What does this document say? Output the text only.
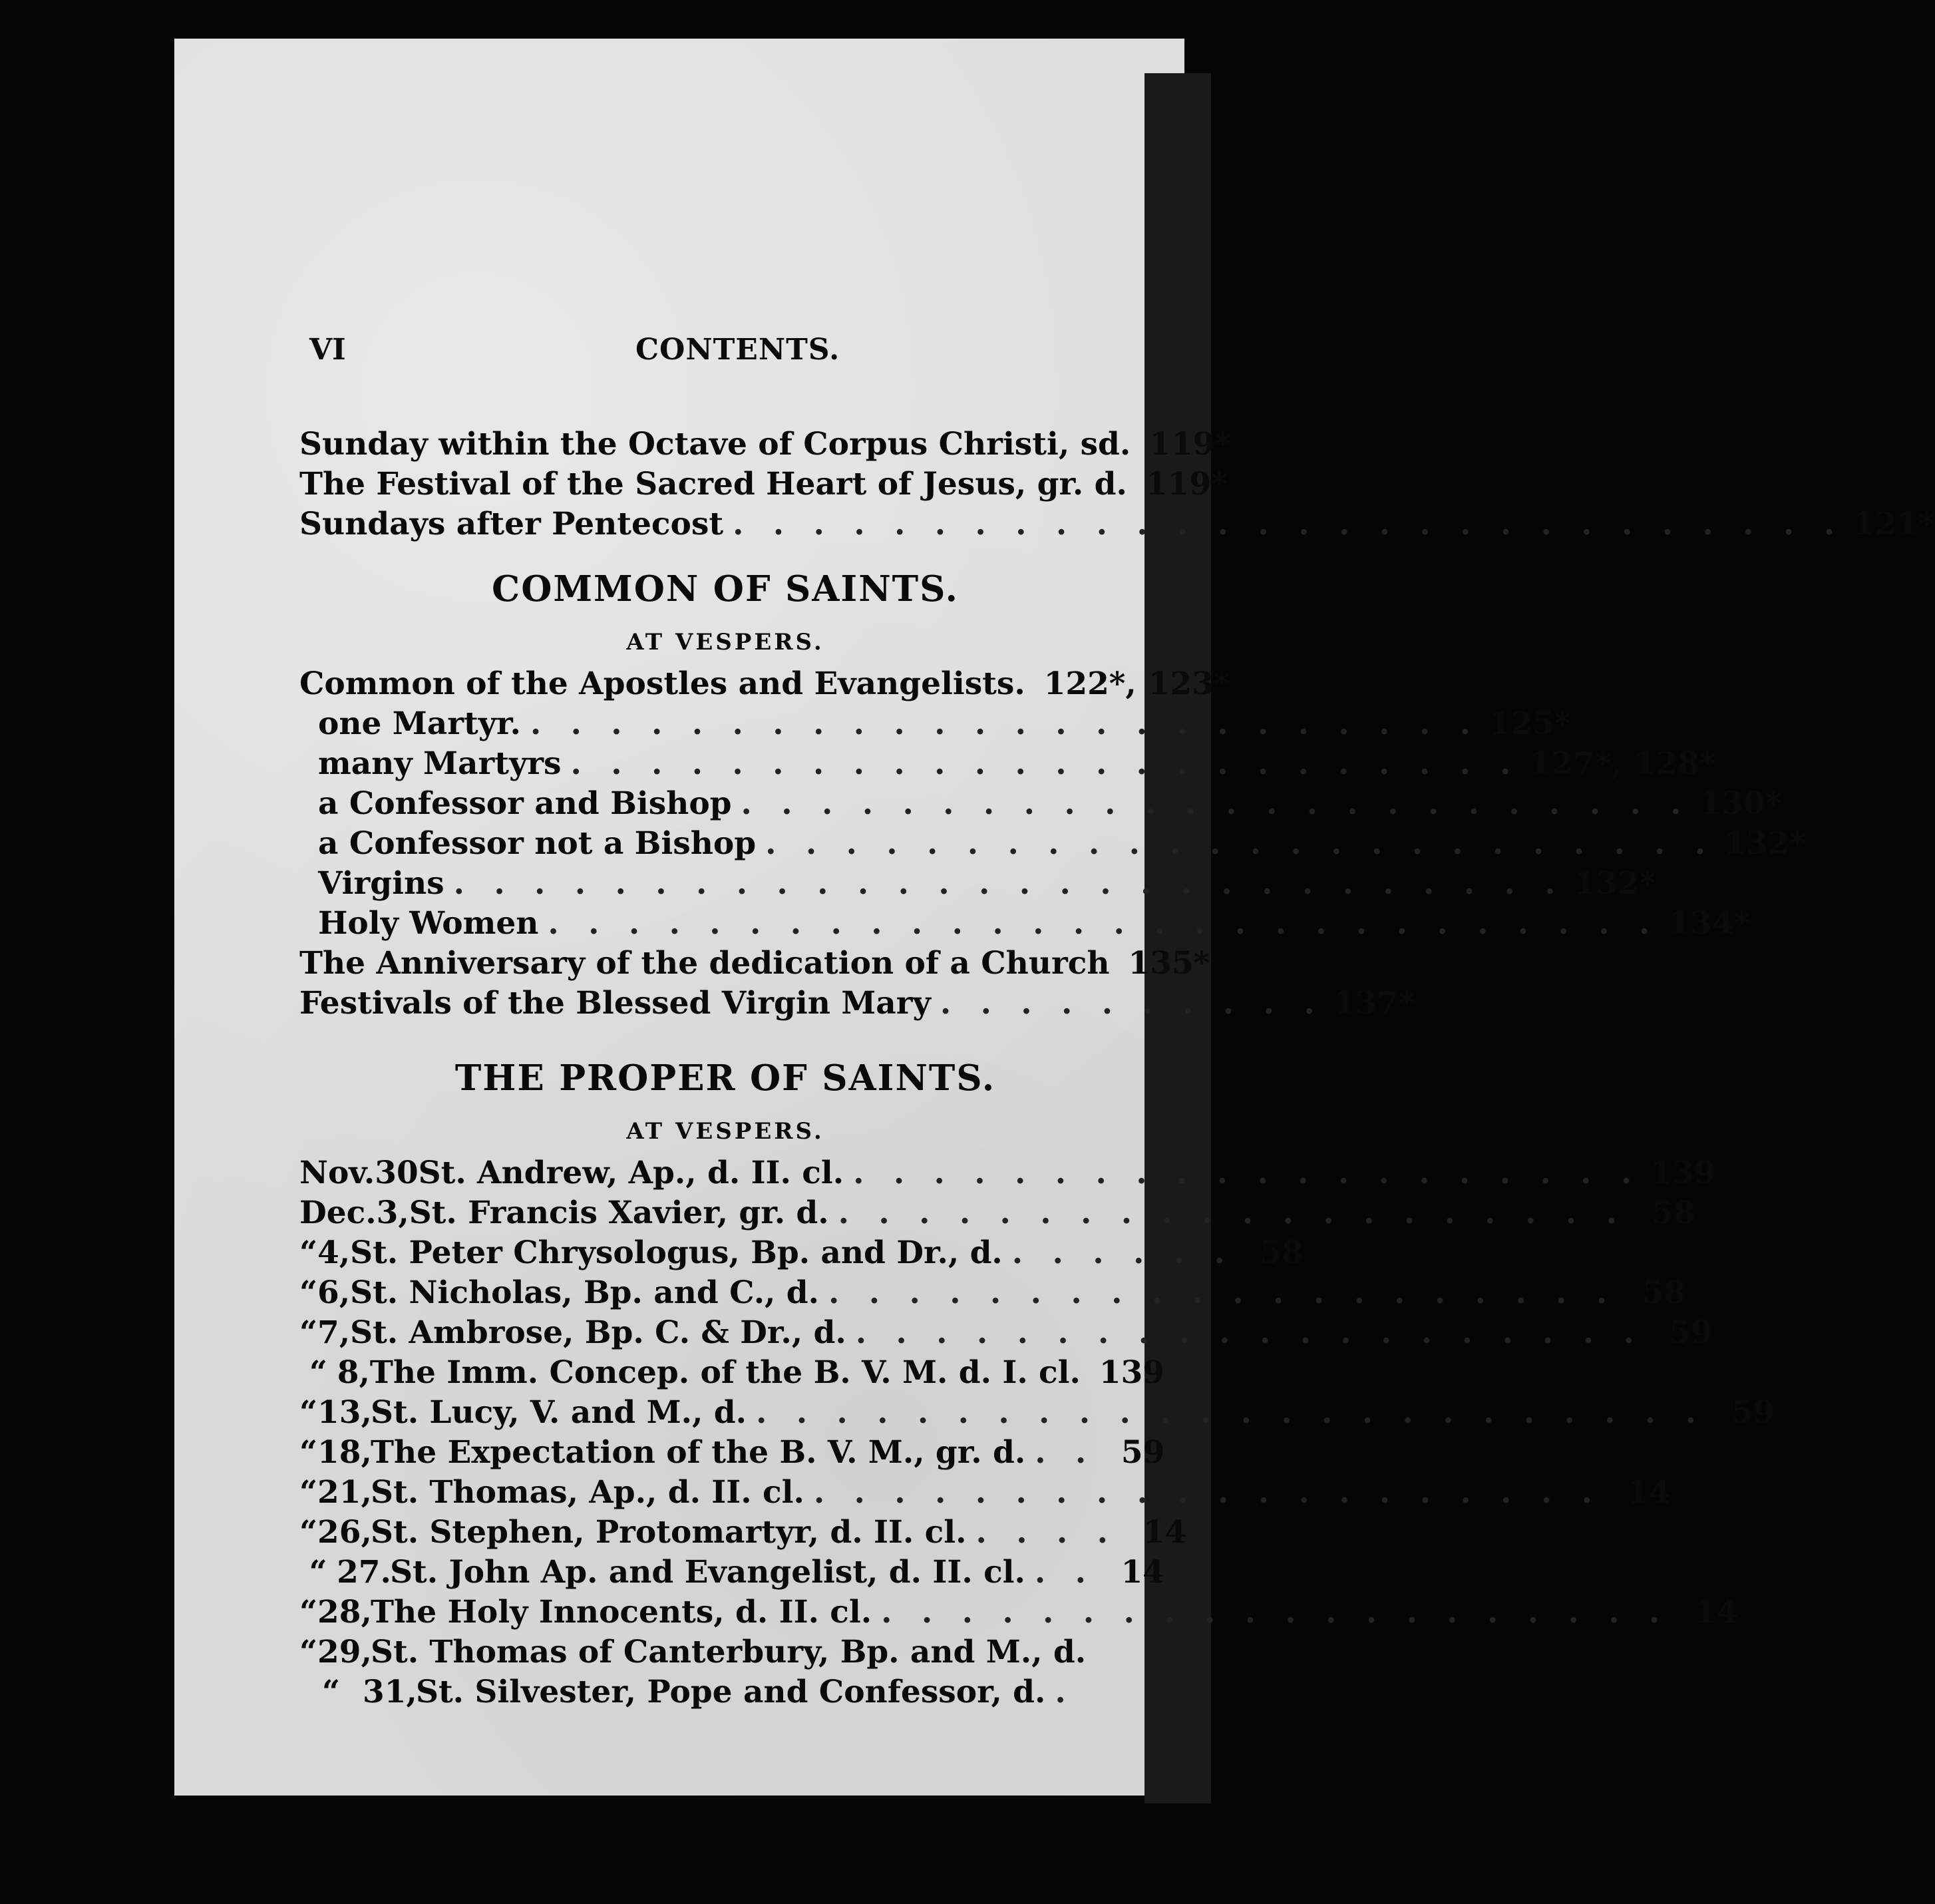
VI	CONTENTS.
Sunday within the Octave of Corpus Christi, sd. 119*
The Festival of the Sacred Heart of Jesus, gr. d. 119*
Sundays after Pentecost . . . . . . . . . . . . . . . . . . . . . . . . . . . . 121*
COMMON OF SAINTS.
AT VESPERS.
Common of the Apostles and Evangelists. 122*, 123*
one Martyr. . . . . . . . . . . . . . . . . . . . . . . . . 125*
many Martyrs . . . . . . . . . . . . . . . . . . . . . . . . 127*, 128*
a Confessor and Bishop . . . . . . . . . . . . . . . . . . . . . . . . 130*
a Confessor not a Bishop . . . . . . . . . . . . . . . . . . . . . . . . 132*
Virgins . . . . . . . . . . . . . . . . . . . . . . . . . . . . 132*
Holy Women . . . . . . . . . . . . . . . . . . . . . . . . . . . . 134*
The Anniversary of the dedication of a Church 135*
Festivals of the Blessed Virgin Mary . . . . . . . . . . 137*
THE PROPER OF SAINTS.
AT VESPERS.
Nov. 30 St. Andrew, Ap., d. II. cl. . . . . . . . . . . . . . . . . . . . . 139
Dec. 3, St. Francis Xavier, gr. d. . . . . . . . . . . . . . . . . . . . . 58
“ 4, St. Peter Chrysologus, Bp. and Dr., d. . . . . . . 58
“ 6, St. Nicholas, Bp. and C., d. . . . . . . . . . . . . . . . . . . . . 58
“ 7, St. Ambrose, Bp. C. & Dr., d. . . . . . . . . . . . . . . . . . . . . 59
“ 8, The Imm. Concep. of the B. V. M. d. I. cl. 139
“ 13,
St. Lucy, V. and M., d. . . . . . . . . . . . . . . . . . . . . . . . . 59
“ 18,
The Expectation of the B. V. M., gr. d. . . 59
“ 21,
St. Thomas, Ap., d. II. cl. . . . . . . . . . . . . . . . . . . . . 14
“ 26,
St. Stephen, Protomartyr, d. II. cl. . . . . 14
“ 27.
St. John Ap. and Evangelist, d. II. cl. . . 14
“ 28,
The Holy Innocents, d. II. cl. . . . . . . . . . . . . . . . . . . . . 14
“ 29,
St. Thomas of Canterbury, Bp. and M., d.
“ 31,
St. Silvester, Pope and Confessor, d. .
